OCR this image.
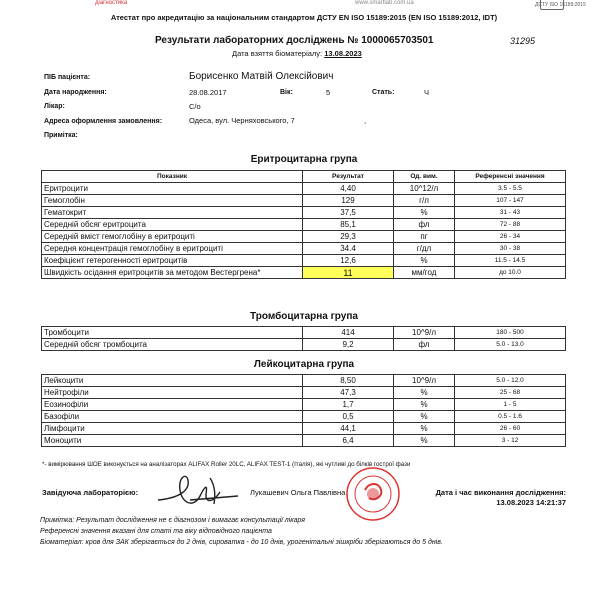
діагностика	www.smartlab.com.ua	ДСТУ ISO 15189:2015
Атестат про акредитацію за національним стандартом ДСТУ EN ISO 15189:2015 (EN ISO 15189:2012, IDT)
Результати лабораторних досліджень № 1000065703501	31295
Дата взяття біоматеріалу: 13.08.2023
ПІБ пацієнта:	Борисенко Матвій Олексійович
Дата народження:	28.08.2017	Вік:	5	Стать:	Ч
Лікар:	С/о
Адреса оформлення замовлення:	Одеса, вул. Черняховського, 7	,
Примітка:
Еритроцитарна група
Показник	Результат	Од. вим.	Референсні значення
Еритроцити	4,40	10^12/л	3.5 - 5.5
Гемоглобін	129	г/л	107 - 147
Гематокрит	37,5	%	31 - 43
Середній обсяг еритроцита	85,1	фл	72 - 88
Середній вміст гемоглобіну в еритроциті	29,3	пг	26 - 34
Середня концентрація гемоглобіну в еритроциті	34.4	г/дл	30 - 38
Коефіцієнт гетерогенності еритроцитів	12,6	%	11.5 - 14.5
Швидкість осідання еритроцитів за методом Вестергрена*	11	мм/год	до 10.0
Тромбоцитарна група
Тромбоцити	414	10^9/л	180 - 500
Середній обсяг тромбоцита	9,2	фл	5.0 - 13.0
Лейкоцитарна група
Лейкоцити	8,50	10^9/л	5.0 - 12.0
Нейтрофіли	47,3	%	25 - 68
Еозинофіли	1,7	%	1 - 5
Базофіли	0,5	%	0.5 - 1.6
Лімфоцити	44,1	%	26 - 60
Моноцити	6,4	%	3 - 12
*- вимірювання ШОЕ виконується на аналізаторах ALIFAX Roller 20LC, ALIFAX TEST-1 (Італія), які чутливі до білків гострої фази
Завідуюча лабораторією:	Лукашевич Ольга Павлівна	Дата і час виконання дослідження:
13.08.2023 14:21:37
Примітка: Результат дослідження не є діагнозом і вимагає консультації лікаря
Референсні значення вказані для статі та віку відповідного пацієнта
Біоматеріал: кров для ЗАК зберігається до 2 днів, сироватка - до 10 днів, урогенітальні зішкріби зберігаються до 5 днів.
